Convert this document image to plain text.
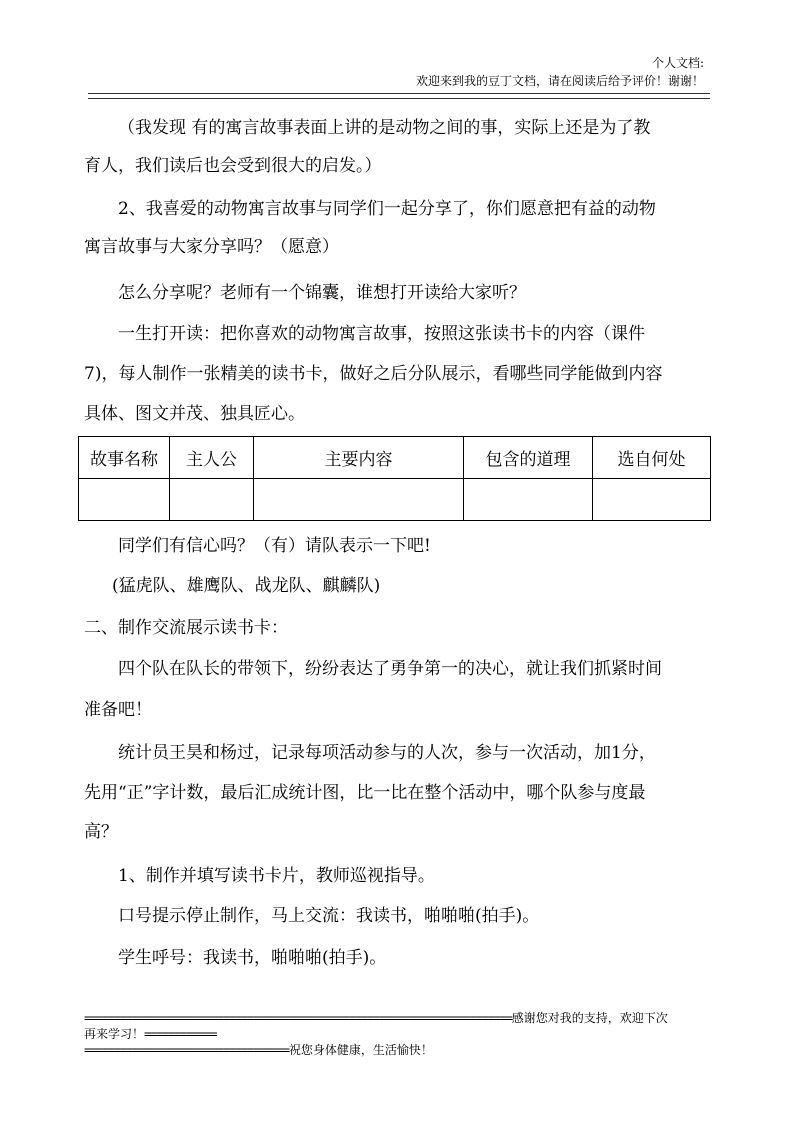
个人文档:
欢迎来到我的豆丁文档，请在阅读后给予评价！谢谢！
（我发现 有的寓言故事表面上讲的是动物之间的事，实际上还是为了教
育人，我们读后也会受到很大的启发。）
2、我喜爱的动物寓言故事与同学们一起分享了，你们愿意把有益的动物
寓言故事与大家分享吗？（愿意）
怎么分享呢？老师有一个锦囊，谁想打开读给大家听？
一生打开读：把你喜欢的动物寓言故事，按照这张读书卡的内容（课件
7)，每人制作一张精美的读书卡，做好之后分队展示，看哪些同学能做到内容
具体、图文并茂、独具匠心。
故事名称	主人公	主要内容	包含的道理	选自何处

同学们有信心吗？（有）请队表示一下吧!
(猛虎队、雄鹰队、战龙队、麒麟队)
二、制作交流展示读书卡：
四个队在队长的带领下，纷纷表达了勇争第一的决心，就让我们抓紧时间
准备吧！
统计员王昊和杨过，记录每项活动参与的人次，参与一次活动，加1分，
先用“正”字计数，最后汇成统计图，比一比在整个活动中，哪个队参与度最
高？
1、制作并填写读书卡片，教师巡视指导。
口号提示停止制作，马上交流：我读书，啪啪啪(拍手)。
学生呼号：我读书，啪啪啪(拍手)。
=======================================================================感谢您对我的支持，欢迎下次
再来学习！============
==================================祝您身体健康，生活愉快！
